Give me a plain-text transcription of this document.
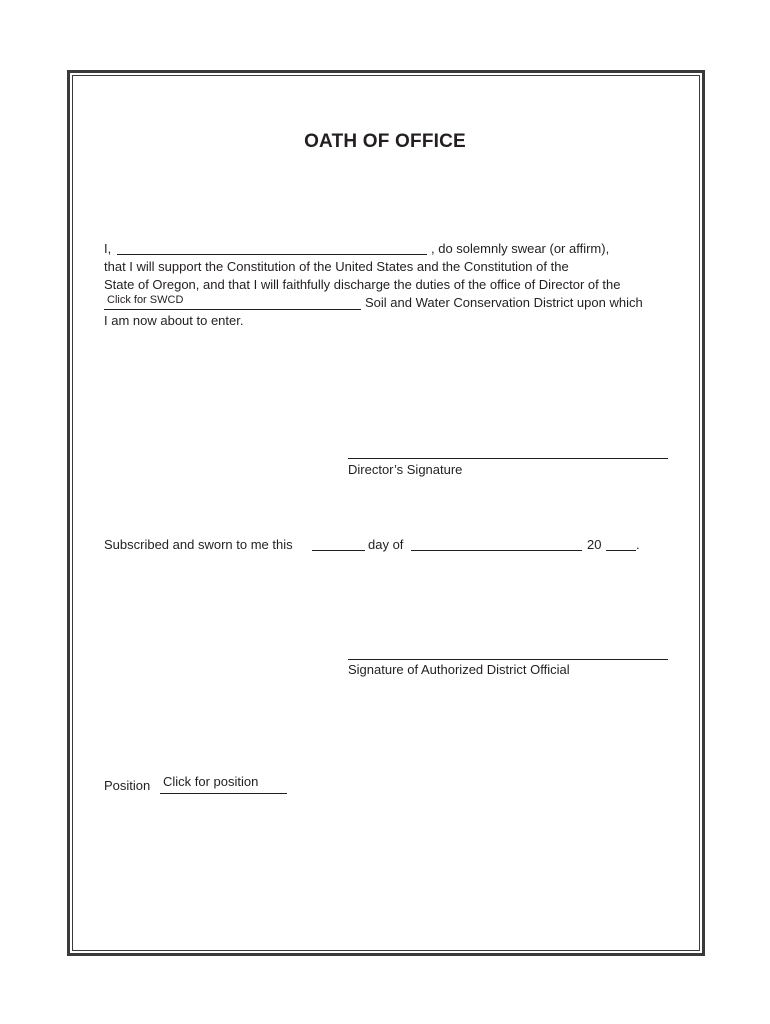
OATH OF OFFICE
I,	, do solemnly swear (or affirm),
that I will support the Constitution of the United States and the Constitution of the
State of Oregon, and that I will faithfully discharge the duties of the office of Director of the
Click for SWCD	Soil and Water Conservation District upon which
I am now about to enter.
Director’s Signature
Subscribed and sworn to me this	day of	20	.
Signature of Authorized District Official
Position Click for position
